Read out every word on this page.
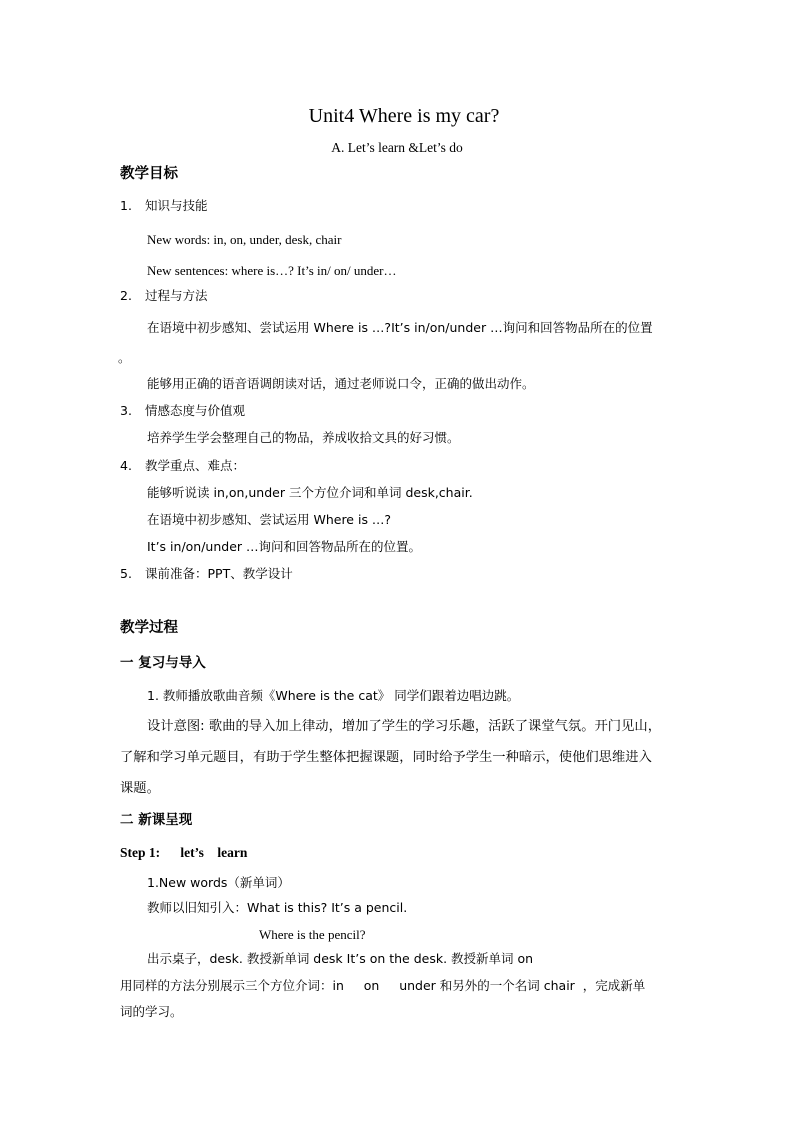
Unit4 Where is my car?
A. Let’s learn &Let’s do
教学目标
1. 知识与技能
New words: in, on, under, desk, chair
New sentences: where is…? It’s in/ on/ under…
2. 过程与方法
在语境中初步感知、尝试运用 Where is …?It’s in/on/under …询问和回答物品所在的位置
。
能够用正确的语音语调朗读对话，通过老师说口令，正确的做出动作。
3. 情感态度与价值观
培养学生学会整理自己的物品，养成收拾文具的好习惯。
4. 教学重点、难点：
能够听说读 in,on,under 三个方位介词和单词 desk,chair.
在语境中初步感知、尝试运用 Where is …?
It’s in/on/under …询问和回答物品所在的位置。
5. 课前准备：PPT、教学设计
教学过程
一 复习与导入
1. 教师播放歌曲音频《Where is the cat》 同学们跟着边唱边跳。
设计意图: 歌曲的导入加上律动，增加了学生的学习乐趣，活跃了课堂气氛。开门见山，
了解和学习单元题目，有助于学生整体把握课题，同时给予学生一种暗示，使他们思维进入
课题。
二 新课呈现
Step 1:      let’s    learn
1.New words（新单词）
教师以旧知引入：What is this? It’s a pencil.
Where is the pencil?
出示桌子，desk. 教授新单词 desk It’s on the desk. 教授新单词 on
用同样的方法分别展示三个方位介词：in     on     under 和另外的一个名词 chair  ，完成新单
词的学习。
